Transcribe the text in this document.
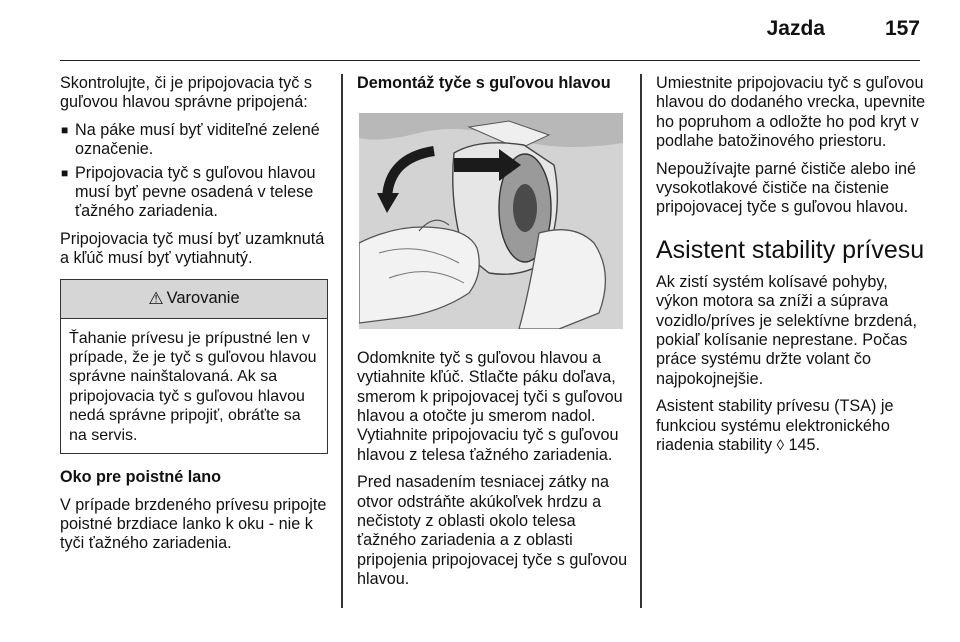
Jazda	157

Skontrolujte, či je pripojovacia tyč s guľovou hlavou správne pripojená:

■ Na páke musí byť viditeľné zelené označenie.
■ Pripojovacia tyč s guľovou hlavou musí byť pevne osadená v telese ťažného zariadenia.

Pripojovacia tyč musí byť uzamknutá a kľúč musí byť vytiahnutý.

⚠ Varovanie
Ťahanie prívesu je prípustné len v prípade, že je tyč s guľovou hlavou správne nainštalovaná. Ak sa pripojovacia tyč s guľovou hlavou nedá správne pripojiť, obráťte sa na servis.

Oko pre poistné lano

V prípade brzdeného prívesu pripojte poistné brzdiace lanko k oku - nie k tyči ťažného zariadenia.

Demontáž tyče s guľovou hlavou

Odomknite tyč s guľovou hlavou a vytiahnite kľúč. Stlačte páku doľava, smerom k pripojovacej tyči s guľovou hlavou a otočte ju smerom nadol. Vytiahnite pripojovaciu tyč s guľovou hlavou z telesa ťažného zariadenia.

Pred nasadením tesniacej zátky na otvor odstráňte akúkoľvek hrdzu a nečistoty z oblasti okolo telesa ťažného zariadenia a z oblasti pripojenia pripojovacej tyče s guľovou hlavou.

Umiestnite pripojovaciu tyč s guľovou hlavou do dodaného vrecka, upevnite ho popruhom a odložte ho pod kryt v podlahe batožinového priestoru.

Nepoužívajte parné čističe alebo iné vysokotlakové čističe na čistenie pripojovacej tyče s guľovou hlavou.

Asistent stability prívesu

Ak zistí systém kolísavé pohyby, výkon motora sa zníži a súprava vozidlo/príves je selektívne brzdená, pokiaľ kolísanie neprestane. Počas práce systému držte volant čo najpokojnejšie.

Asistent stability prívesu (TSA) je funkciou systému elektronického riadenia stability ◊ 145.
